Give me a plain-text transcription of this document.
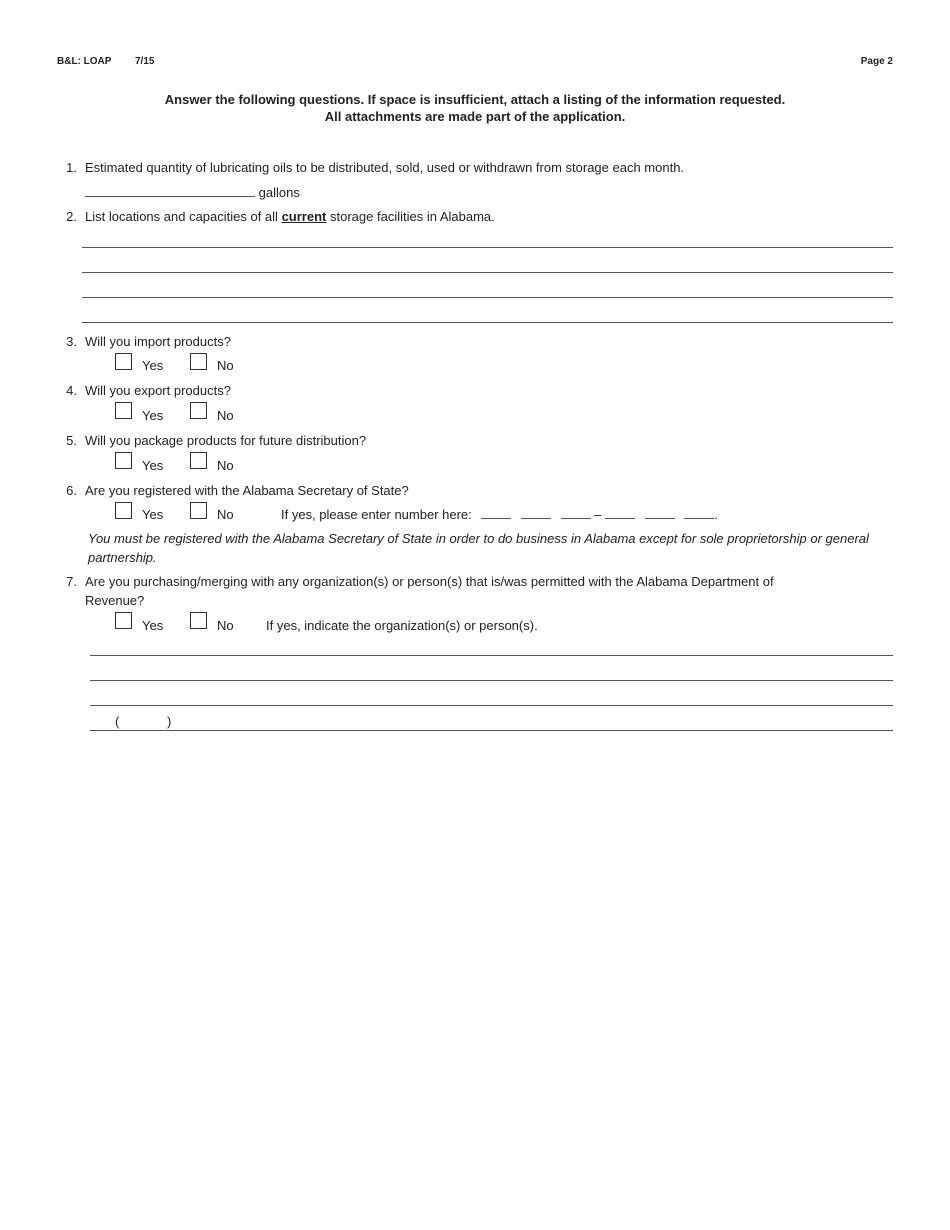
B&L: LOAP 7/15	Page 2
Answer the following questions. If space is insufficient, attach a listing of the information requested.
All attachments are made part of the application.
1. Estimated quantity of lubricating oils to be distributed, sold, used or withdrawn from storage each month.
gallons
2. List locations and capacities of all current storage facilities in Alabama.
3. Will you import products?
Yes	No
4. Will you export products?
Yes	No
5. Will you package products for future distribution?
Yes	No
6. Are you registered with the Alabama Secretary of State?
Yes	No	If yes, please enter number here:	–	.
You must be registered with the Alabama Secretary of State in order to do business in Alabama except for sole proprietorship or general partnership.
7. Are you purchasing/merging with any organization(s) or person(s) that is/was permitted with the Alabama Department of
Revenue?
Yes	No If yes, indicate the organization(s) or person(s).
(	)
